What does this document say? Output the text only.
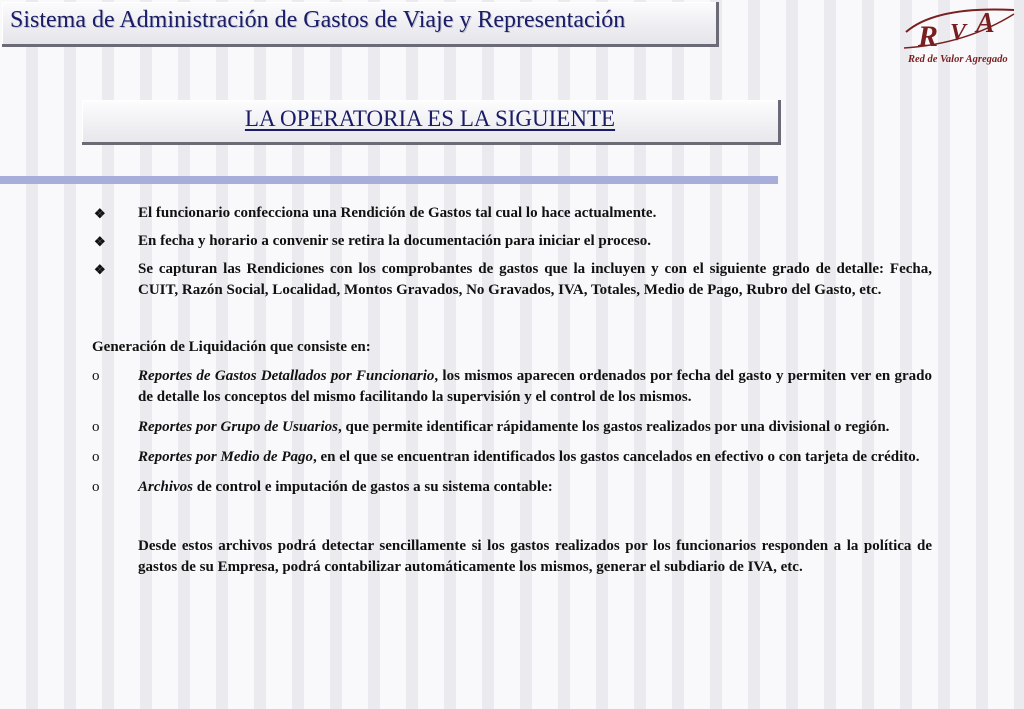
Sistema de Administración de Gastos de Viaje y Representación	R V A
Red de Valor Agregado
LA OPERATORIA ES LA SIGUIENTE
❖	El funcionario confecciona una Rendición de Gastos tal cual lo hace actualmente.
❖	En fecha y horario a convenir se retira la documentación para iniciar el proceso.
❖	Se capturan las Rendiciones con los comprobantes de gastos que la incluyen y con el siguiente grado de detalle: Fecha, CUIT, Razón Social, Localidad, Montos Gravados, No Gravados, IVA, Totales, Medio de Pago, Rubro del Gasto, etc.
Generación de Liquidación que consiste en:
o	Reportes de Gastos Detallados por Funcionario, los mismos aparecen ordenados por fecha del gasto y permiten ver en grado de detalle los conceptos del mismo facilitando la supervisión y el control de los mismos.
o	Reportes por Grupo de Usuarios, que permite identificar rápidamente los gastos realizados por una divisional o región.
o	Reportes por Medio de Pago, en el que se encuentran identificados los gastos cancelados en efectivo o con tarjeta de crédito.
o	Archivos de control e imputación de gastos a su sistema contable:
Desde estos archivos podrá detectar sencillamente si los gastos realizados por los funcionarios responden a la política de gastos de su Empresa, podrá contabilizar automáticamente los mismos, generar el subdiario de IVA, etc.
